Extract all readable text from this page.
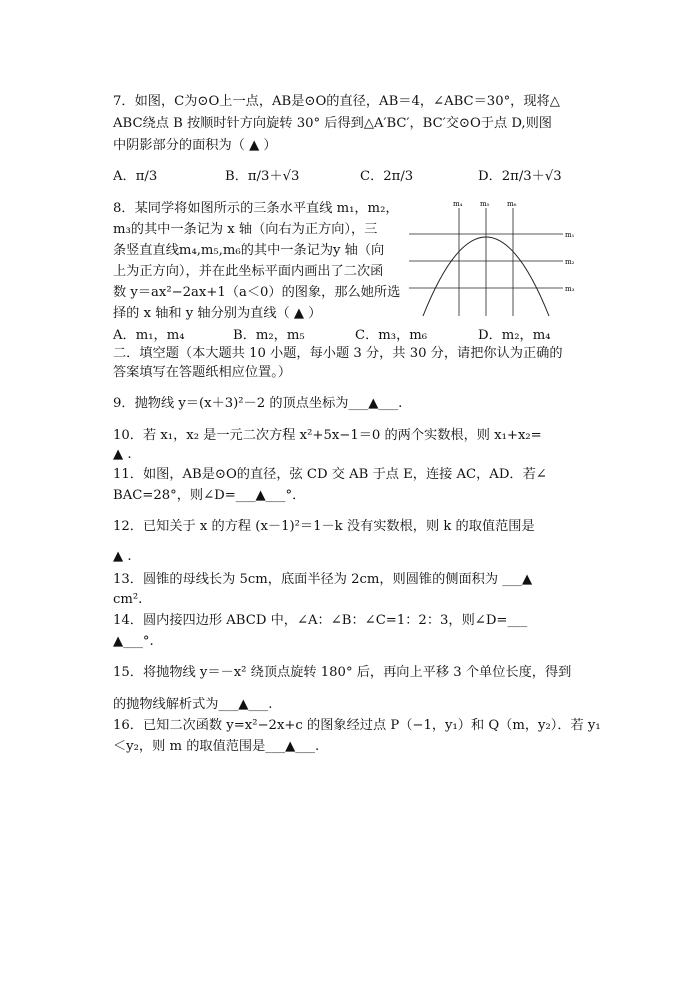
7．如图，C为⊙O上一点，AB是⊙O的直径，AB＝4，∠ABC＝30°，现将△
ABC绕点 B 按顺时针方向旋转 30° 后得到△A′BC′，BC′交⊙O于点 D,则图
中阴影部分的面积为（ ▲ ）
A．π/3	B．π/3＋√3	C．2π/3	D．2π/3＋√3
8．某同学将如图所示的三条水平直线 m₁，m₂，
m₃的其中一条记为 x 轴（向右为正方向），三
条竖直直线m₄,m₅,m₆的其中一条记为y 轴（向
上为正方向），并在此坐标平面内画出了二次函
数 y＝ax²−2ax+1（a＜0）的图象，那么她所选
择的 x 轴和 y 轴分别为直线（ ▲ ）
m₄	m₅	m₆
m₁
m₂
m₃
A．m₁，m₄	B．m₂，m₅	C．m₃，m₆	D．m₂，m₄
二．填空题（本大题共 10 小题，每小题 3 分，共 30 分，请把你认为正确的
答案填写在答题纸相应位置。）
9．抛物线 y＝(x＋3)²－2 的顶点坐标为___▲___.
10．若 x₁，x₂ 是一元二次方程 x²+5x−1＝0 的两个实数根，则 x₁+x₂=
▲ .
11．如图，AB是⊙O的直径，弦 CD 交 AB 于点 E，连接 AC，AD．若∠
BAC=28°，则∠D=___▲___°．
12．已知关于 x 的方程 (x－1)²＝1－k 没有实数根，则 k 的取值范围是
▲ .
13．圆锥的母线长为 5cm，底面半径为 2cm，则圆锥的侧面积为 ___▲
cm².
14．圆内接四边形 ABCD 中，∠A：∠B：∠C=1：2：3，则∠D=___
▲___°.
15．将抛物线 y＝－x² 绕顶点旋转 180° 后，再向上平移 3 个单位长度，得到
的抛物线解析式为___▲___.
16．已知二次函数 y=x²−2x+c 的图象经过点 P（−1，y₁）和 Q（m，y₂）．若 y₁
＜y₂，则 m 的取值范围是___▲___.
